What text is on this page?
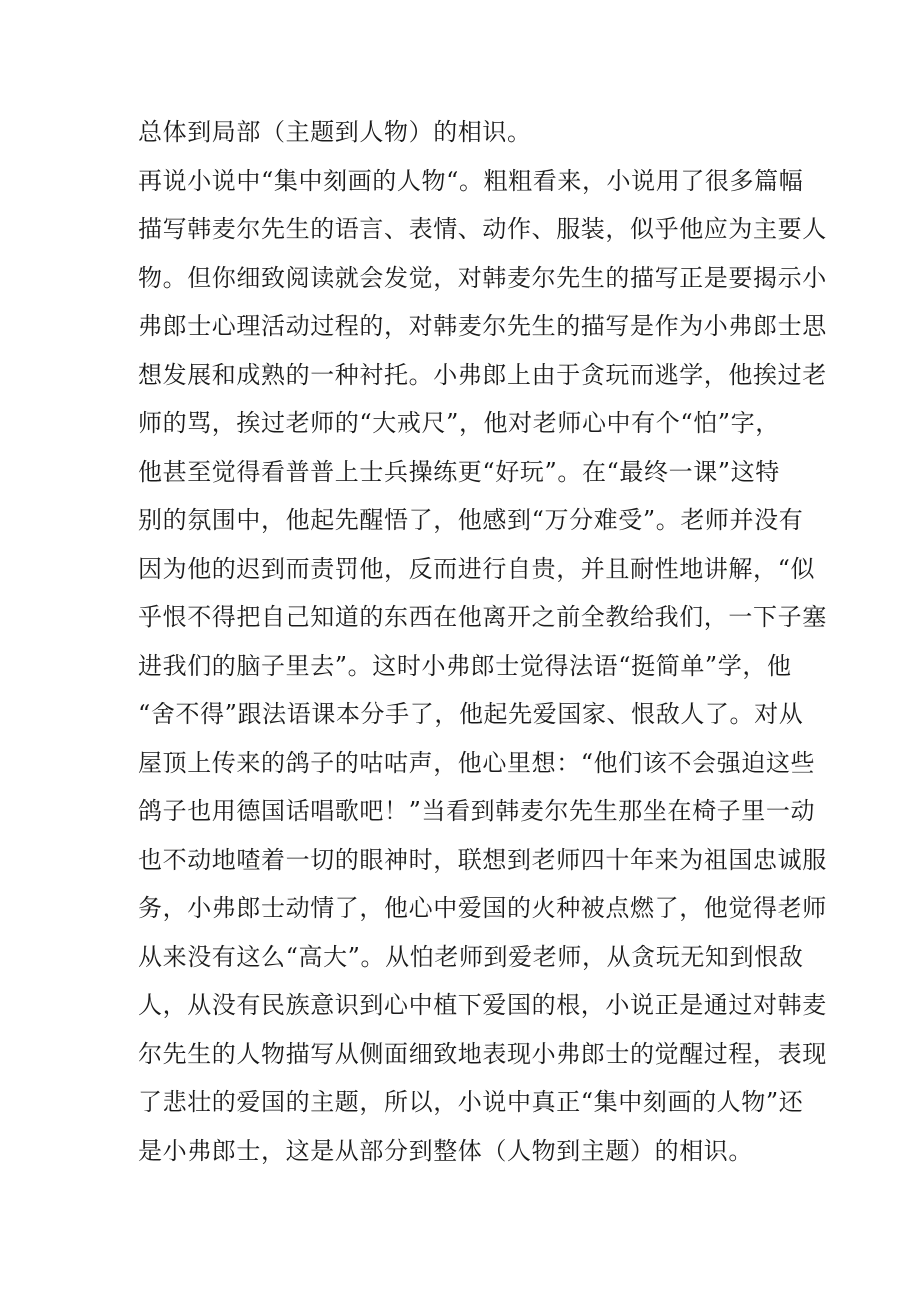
总体到局部（主题到人物）的相识。
再说小说中“集中刻画的人物“。粗粗看来，小说用了很多篇幅
描写韩麦尔先生的语言、表情、动作、服装，似乎他应为主要人
物。但你细致阅读就会发觉，对韩麦尔先生的描写正是要揭示小
弗郎士心理活动过程的，对韩麦尔先生的描写是作为小弗郎士思
想发展和成熟的一种衬托。小弗郎上由于贪玩而逃学，他挨过老
师的骂，挨过老师的“大戒尺”，他对老师心中有个“怕”字，
他甚至觉得看普普上士兵操练更“好玩”。在“最终一课”这特
别的氛围中，他起先醒悟了，他感到“万分难受”。老师并没有
因为他的迟到而责罚他，反而进行自贵，并且耐性地讲解，“似
乎恨不得把自己知道的东西在他离开之前全教给我们，一下子塞
进我们的脑子里去”。这时小弗郎士觉得法语“挺简单”学，他
“舍不得”跟法语课本分手了，他起先爱国家、恨敌人了。对从
屋顶上传来的鸽子的咕咕声，他心里想：“他们该不会强迫这些
鸽子也用德国话唱歌吧！”当看到韩麦尔先生那坐在椅子里一动
也不动地喳着一切的眼神时，联想到老师四十年来为祖国忠诚服
务，小弗郎士动情了，他心中爱国的火种被点燃了，他觉得老师
从来没有这么“高大”。从怕老师到爱老师，从贪玩无知到恨敌
人，从没有民族意识到心中植下爱国的根，小说正是通过对韩麦
尔先生的人物描写从侧面细致地表现小弗郎士的觉醒过程，表现
了悲壮的爱国的主题，所以，小说中真正“集中刻画的人物”还
是小弗郎士，这是从部分到整体（人物到主题）的相识。
